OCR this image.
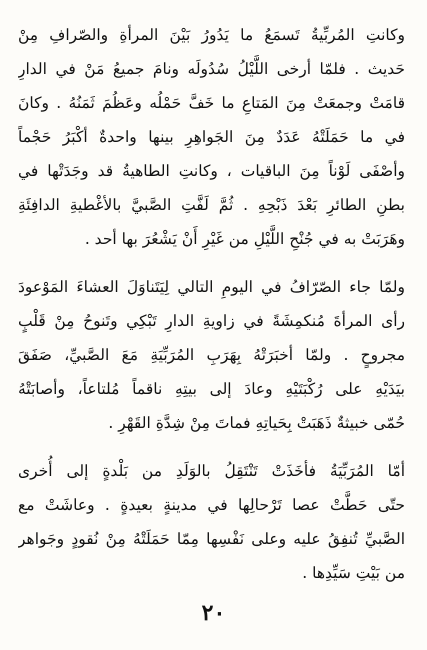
وكانتِ المُربِّيةُ تَسمَعُ ما يَدُورُ بَيْنَ المرأةِ والصّرافِ مِنْ
حَديث . فلمّا أرخى اللَّيْلُ سُدُولَه ونامَ جميعُ مَنْ في الدارِ
قامَتْ وجمعَتْ مِنَ المَتاعِ ما خَفَّ حَمْلُه وعَظُمَ ثَمَنُهُ . وكانَ
في ما حَمَلَتْهُ عَدَدٌ مِنَ الجَواهِرِ بينها واحدةٌ أكْبَرُ حَجْماً
وأصْفَى لَوْناً مِنَ الباقيات ، وكانتِ الطاهيةُ قد وجَدَتْها في
بطنِ الطائرِ بَعْدَ ذَبْحِهِ . ثُمَّ لَفَّتِ الصَّبيَّ بالأغْطيةِ الدافِئَةِ
وهَرَبَتْ به في جُنْحِ اللَّيْلِ من غَيْرِ أَنْ يَشْعُرَ بها أحد .
ولمّا جاء الصّرّافُ في اليومِ التالي لِيَتَناوَلَ العشاءَ المَوْعودَ
رأى المرأةَ مُنكمِشَةً في زاويةِ الدارِ تَبْكِي وتَنوحُ مِنْ قَلْبٍ
مجروحٍ . ولمّا أخبَرَتْهُ بِهَرَبِ المُرَبِّيَةِ مَعَ الصَّبيِّ، صَفَقَ
بيَدَيْهِ على رُكْبَتَيْهِ وعادَ إلى بيتِهِ ناقماً مُلتاعاً، وأصابَتْهُ
حُمّى خبيثةٌ ذَهَبَتْ بِحَياتِهِ فماتَ مِنْ شِدَّةِ القَهْرِ .
أمّا المُرَبِّيَةُ فأخَذَتْ تَنْتَقِلُ بالوَلَدِ من بَلْدةٍ إلى أُخرى
حتّى حَطَّتْ عصا تَرْحالِها في مدينةٍ بعيدةٍ . وعاشَتْ مع
الصَّبيِّ تُنفِقُ عليه وعلى نَفْسِها مِمّا حَمَلَتْهُ مِنْ نُقودٍ وجَواهر
من بَيْتِ سَيِّدِها .
٢٠
